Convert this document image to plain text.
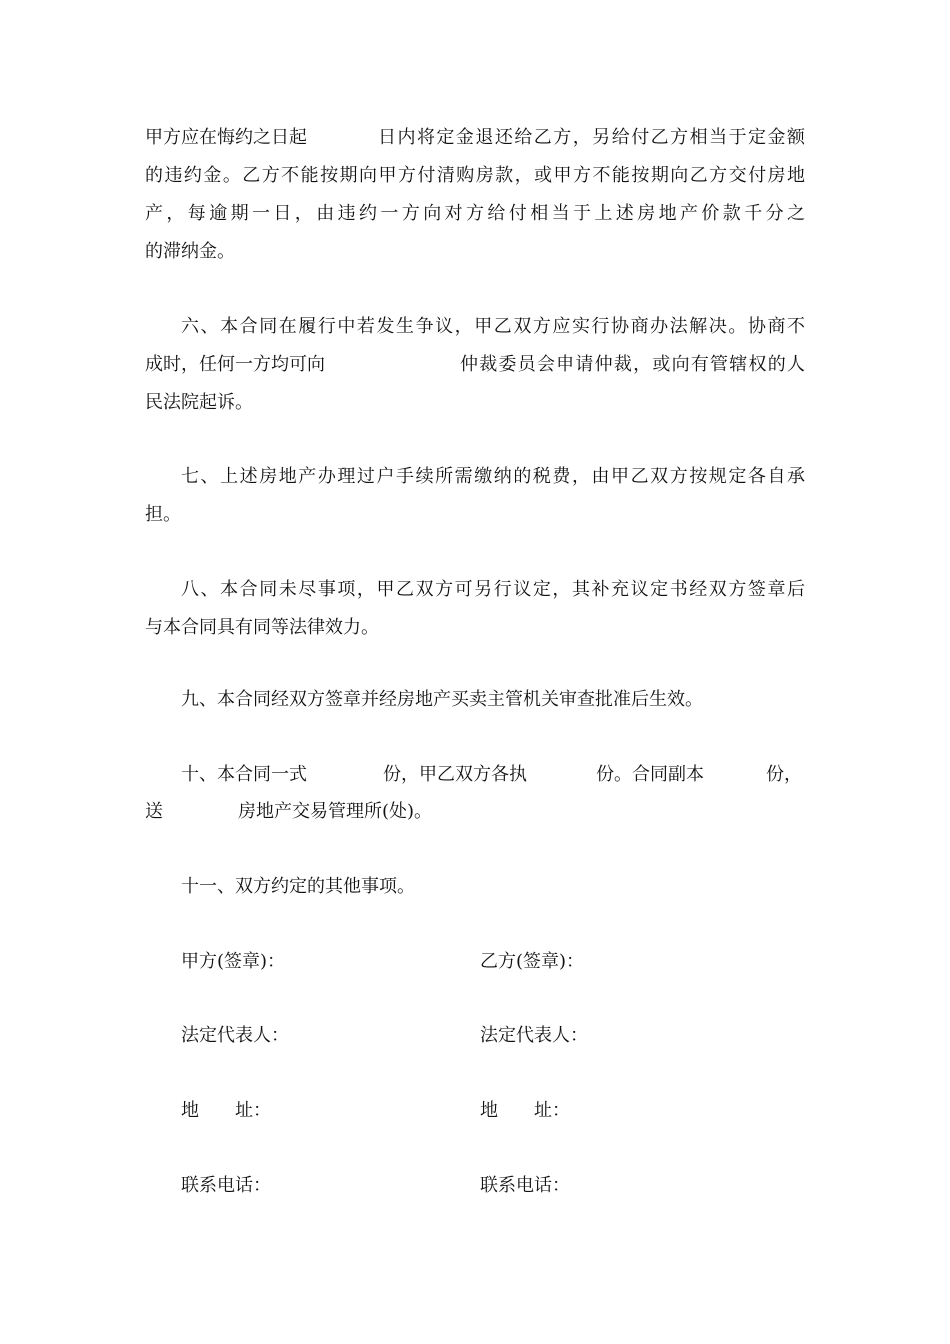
甲方应在悔约之日起	日内将定金退还给乙方，另给付乙方相当于定金额
的违约金。乙方不能按期向甲方付清购房款，或甲方不能按期向乙方交付房地
产，每逾期一日，由违约一方向对方给付相当于上述房地产价款千分之
的滞纳金。
六、本合同在履行中若发生争议，甲乙双方应实行协商办法解决。协商不
成时，任何一方均可向	仲裁委员会申请仲裁，或向有管辖权的人
民法院起诉。
七、上述房地产办理过户手续所需缴纳的税费，由甲乙双方按规定各自承
担。
八、本合同未尽事项，甲乙双方可另行议定，其补充议定书经双方签章后
与本合同具有同等法律效力。
九、本合同经双方签章并经房地产买卖主管机关审查批准后生效。
十、本合同一式	份，甲乙双方各执	份。合同副本	份，
送	房地产交易管理所(处)。
十一、双方约定的其他事项。
甲方(签章)：	乙方(签章)：
法定代表人：	法定代表人：
地　　址：	地　　址：
联系电话：	联系电话：
